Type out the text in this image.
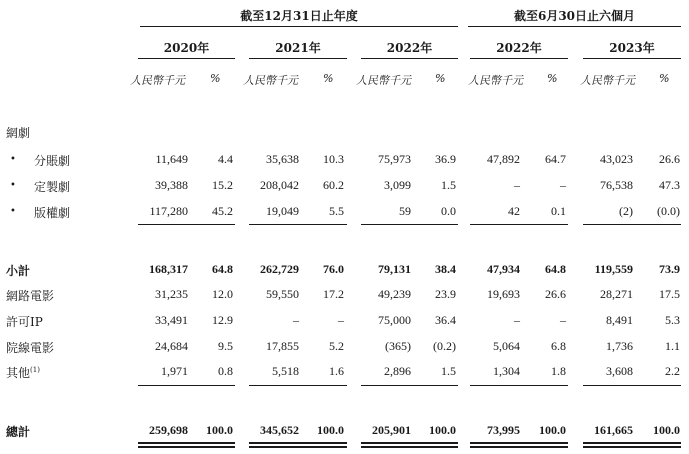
截至12月31日止年度	截至6月30日止六個月
2020年	2021年	2022年	2022年	2023年
人民幣千元 % 人民幣千元 % 人民幣千元 % 人民幣千元 % 人民幣千元 %
網劇
• 分賬劇	11,649	4.4	35,638	10.3	75,973	36.9	47,892	64.7	43,023	26.6
• 定製劇	39,388	15.2	208,042	60.2	3,099	1.5	–	–	76,538	47.3
• 版權劇	117,280	45.2	19,049	5.5	59	0.0	42	0.1	(2)	(0.0)
小計	168,317	64.8	262,729	76.0	79,131	38.4	47,934	64.8	119,559	73.9
網路電影	31,235	12.0	59,550	17.2	49,239	23.9	19,693	26.6	28,271	17.5
許可IP	33,491	12.9	–	–	75,000	36.4	–	–	8,491	5.3
院線電影	24,684	9.5	17,855	5.2	(365)	(0.2)	5,064	6.8	1,736	1.1
其他$^{(1)}$	1,971	0.8	5,518	1.6	2,896	1.5	1,304	1.8	3,608	2.2
總計	259,698	100.0	345,652	100.0	205,901	100.0	73,995	100.0	161,665	100.0
